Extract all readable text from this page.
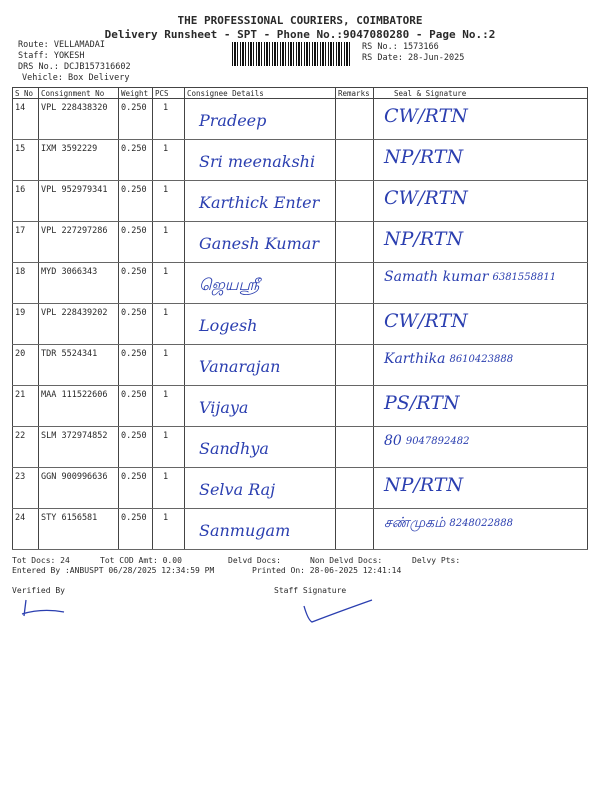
THE PROFESSIONAL COURIERS, COIMBATORE
Delivery Runsheet - SPT - Phone No.:9047080280 - Page No.:2
Route: VELLAMADAI
Staff: YOKESH
DRS No.: DCJB157316602
Vehicle: Box Delivery
RS No.: 1573166
RS Date: 28-Jun-2025
S No	Consignment No	Weight	PCS	Consignee Details	Remarks	Seal & Signature

14	VPL 228438320	0.250	1	Pradeep		CW/RTN

15	IXM 3592229	0.250	1	Sri meenakshi		NP/RTN

16	VPL 952979341	0.250	1	Karthick Enter		CW/RTN

17	VPL 227297286	0.250	1	Ganesh Kumar		NP/RTN

18	MYD 3066343	0.250	1	ஜெயஸ்ரீ		Samath kumar 6381558811

19	VPL 228439202	0.250	1	Logesh		CW/RTN

20	TDR 5524341	0.250	1	Vanarajan		Karthika 8610423888

21	MAA 111522606	0.250	1	Vijaya		PS/RTN

22	SLM 372974852	0.250	1	Sandhya		80 9047892482

23	GGN 900996636	0.250	1	Selva Raj		NP/RTN

24	STY 6156581	0.250	1	Sanmugam		சண்முகம் 8248022888
Tot Docs: 24	Tot COD Amt: 0.00	Delvd Docs:	Non Delvd Docs:	Delvy Pts:
Entered By :ANBUSPT 06/28/2025 12:34:59 PM	Printed On: 28-06-2025 12:41:14
Verified By	Staff Signature
